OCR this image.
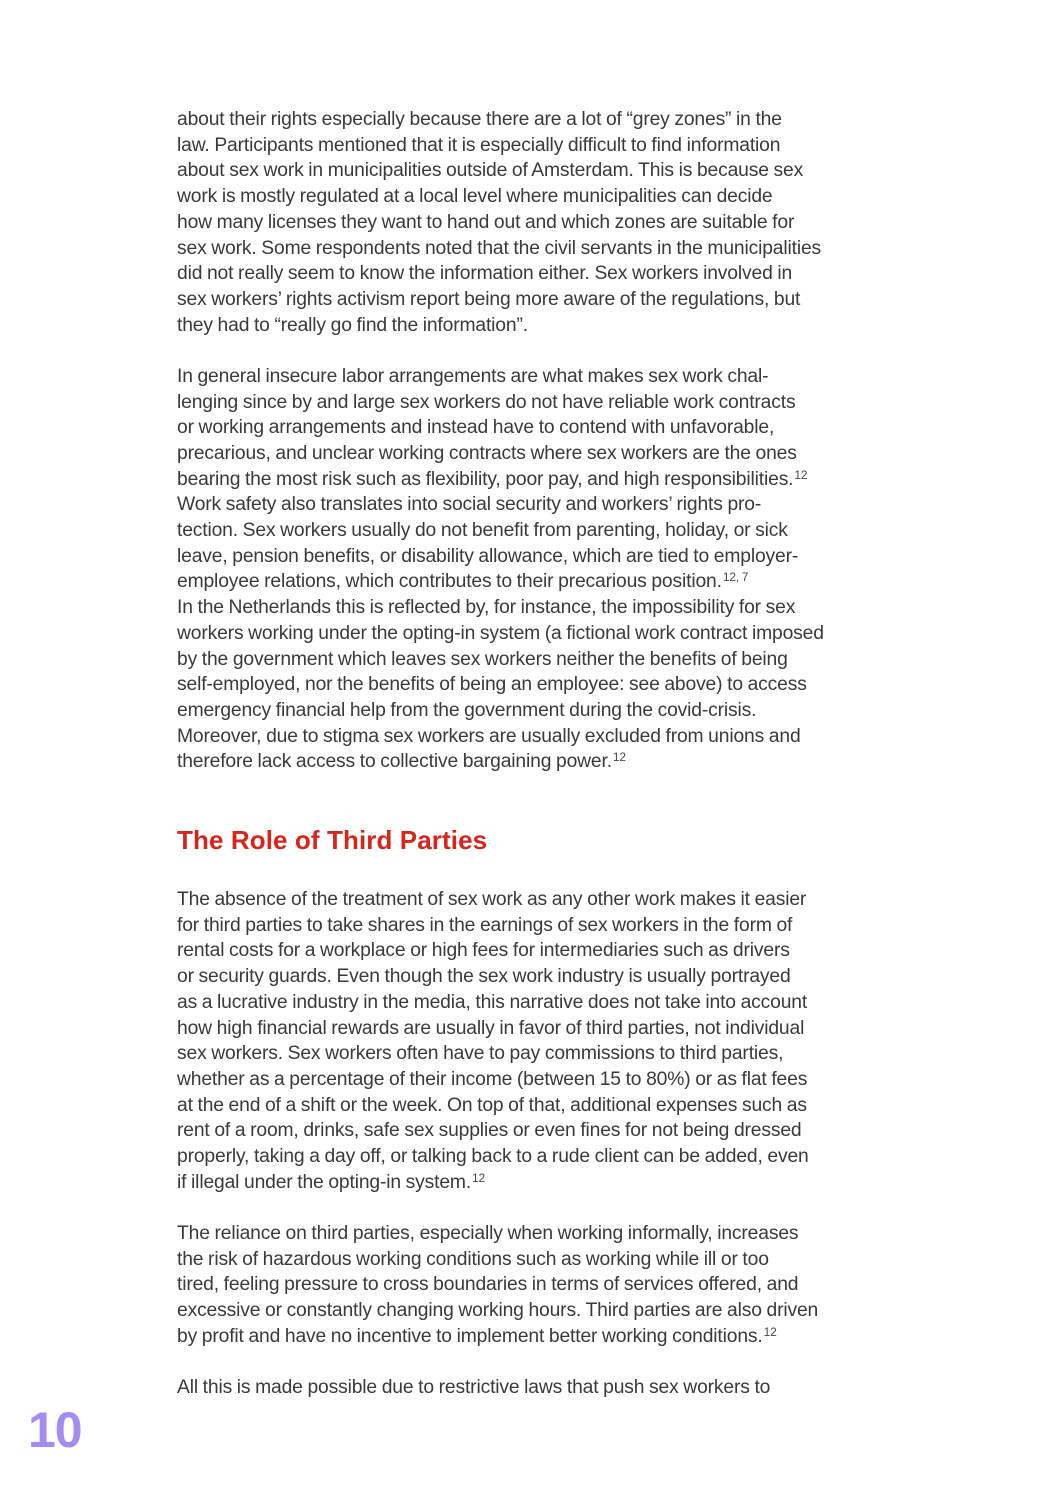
about their rights especially because there are a lot of “grey zones” in the
law. Participants mentioned that it is especially difficult to find information
about sex work in municipalities outside of Amsterdam. This is because sex
work is mostly regulated at a local level where municipalities can decide
how many licenses they want to hand out and which zones are suitable for
sex work. Some respondents noted that the civil servants in the municipalities
did not really seem to know the information either. Sex workers involved in
sex workers’ rights activism report being more aware of the regulations, but
they had to “really go find the information”.

In general insecure labor arrangements are what makes sex work chal-
lenging since by and large sex workers do not have reliable work contracts
or working arrangements and instead have to contend with unfavorable,
precarious, and unclear working contracts where sex workers are the ones
bearing the most risk such as flexibility, poor pay, and high responsibilities.$^{12}$
Work safety also translates into social security and workers’ rights pro-
tection. Sex workers usually do not benefit from parenting, holiday, or sick
leave, pension benefits, or disability allowance, which are tied to employer-
employee relations, which contributes to their precarious position.$^{12, 7}$
In the Netherlands this is reflected by, for instance, the impossibility for sex
workers working under the opting-in system (a fictional work contract imposed
by the government which leaves sex workers neither the benefits of being
self-employed, nor the benefits of being an employee: see above) to access
emergency financial help from the government during the covid-crisis.
Moreover, due to stigma sex workers are usually excluded from unions and
therefore lack access to collective bargaining power.$^{12}$

The Role of Third Parties

The absence of the treatment of sex work as any other work makes it easier
for third parties to take shares in the earnings of sex workers in the form of
rental costs for a workplace or high fees for intermediaries such as drivers
or security guards. Even though the sex work industry is usually portrayed
as a lucrative industry in the media, this narrative does not take into account
how high financial rewards are usually in favor of third parties, not individual
sex workers. Sex workers often have to pay commissions to third parties,
whether as a percentage of their income (between 15 to 80%) or as flat fees
at the end of a shift or the week. On top of that, additional expenses such as
rent of a room, drinks, safe sex supplies or even fines for not being dressed
properly, taking a day off, or talking back to a rude client can be added, even
if illegal under the opting-in system.$^{12}$

The reliance on third parties, especially when working informally, increases
the risk of hazardous working conditions such as working while ill or too
tired, feeling pressure to cross boundaries in terms of services offered, and
excessive or constantly changing working hours. Third parties are also driven
by profit and have no incentive to implement better working conditions.$^{12}$

All this is made possible due to restrictive laws that push sex workers to

10
